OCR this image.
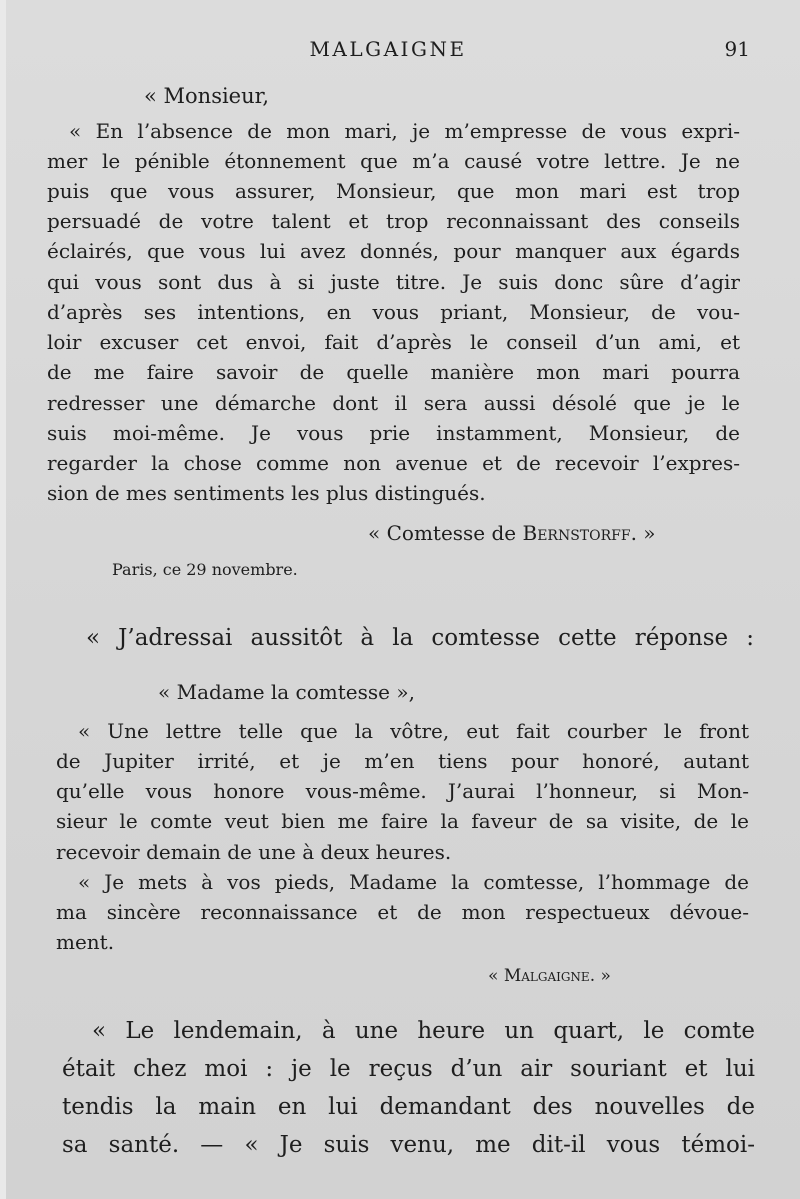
MALGAIGNE	91

« Monsieur,

« En l’absence de mon mari, je m’empresse de vous expri-

mer le pénible étonnement que m’a causé votre lettre. Je ne

puis que vous assurer, Monsieur, que mon mari est trop

persuadé de votre talent et trop reconnaissant des conseils

éclairés, que vous lui avez donnés, pour manquer aux égards

qui vous sont dus à si juste titre. Je suis donc sûre d’agir

d’après ses intentions, en vous priant, Monsieur, de vou-

loir excuser cet envoi, fait d’après le conseil d’un ami, et

de me faire savoir de quelle manière mon mari pourra

redresser une démarche dont il sera aussi désolé que je le

suis moi-même. Je vous prie instamment, Monsieur, de

regarder la chose comme non avenue et de recevoir l’expres-

sion de mes sentiments les plus distingués.

« Comtesse de Bernstorff. »

Paris, ce 29 novembre.

« J’adressai aussitôt à la comtesse cette réponse :

« Madame la comtesse »,

« Une lettre telle que la vôtre, eut fait courber le front

de Jupiter irrité, et je m’en tiens pour honoré, autant

qu’elle vous honore vous-même. J’aurai l’honneur, si Mon-

sieur le comte veut bien me faire la faveur de sa visite, de le

recevoir demain de une à deux heures.

« Je mets à vos pieds, Madame la comtesse, l’hommage de

ma sincère reconnaissance et de mon respectueux dévoue-

ment.

« Malgaigne. »

« Le lendemain, à une heure un quart, le comte

était chez moi : je le reçus d’un air souriant et lui

tendis la main en lui demandant des nouvelles de

sa santé. — « Je suis venu, me dit-il vous témoi-
